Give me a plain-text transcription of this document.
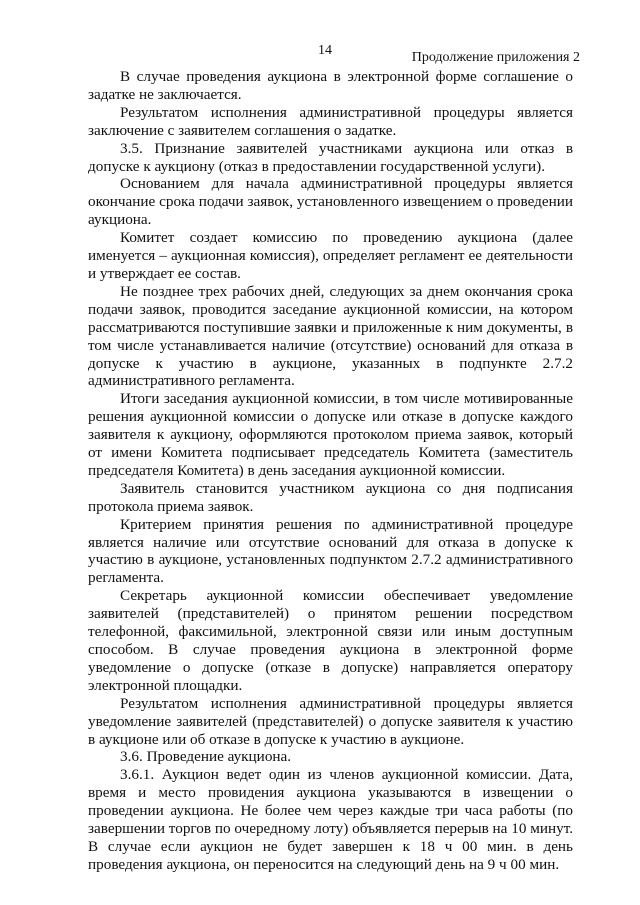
14	Продолжение приложения 2

В случае проведения аукциона в электронной форме соглашение о задатке не заключается.

Результатом исполнения административной процедуры является заключение с заявителем соглашения о задатке.

3.5. Признание заявителей участниками аукциона или отказ в допуске к аукциону (отказ в предоставлении государственной услуги).

Основанием для начала административной процедуры является окончание срока подачи заявок, установленного извещением о проведении аукциона.

Комитет создает комиссию по проведению аукциона (далее именуется – аукционная комиссия), определяет регламент ее деятельности и утверждает ее состав.

Не позднее трех рабочих дней, следующих за днем окончания срока подачи заявок, проводится заседание аукционной комиссии, на котором рассматриваются поступившие заявки и приложенные к ним документы, в том числе устанавливается наличие (отсутствие) оснований для отказа в допуске к участию в аукционе, указанных в подпункте 2.7.2 административного регламента.

Итоги заседания аукционной комиссии, в том числе мотивированные решения аукционной комиссии о допуске или отказе в допуске каждого заявителя к аукциону, оформляются протоколом приема заявок, который от имени Комитета подписывает председатель Комитета (заместитель председателя Комитета) в день заседания аукционной комиссии.

Заявитель становится участником аукциона со дня подписания протокола приема заявок.

Критерием принятия решения по административной процедуре является наличие или отсутствие оснований для отказа в допуске к участию в аукционе, установленных подпунктом 2.7.2 административного регламента.

Секретарь аукционной комиссии обеспечивает уведомление заявителей (представителей) о принятом решении посредством телефонной, факсимильной, электронной связи или иным доступным способом. В случае проведения аукциона в электронной форме уведомление о допуске (отказе в допуске) направляется оператору электронной площадки.

Результатом исполнения административной процедуры является уведомление заявителей (представителей) о допуске заявителя к участию в аукционе или об отказе в допуске к участию в аукционе.

3.6. Проведение аукциона.

3.6.1. Аукцион ведет один из членов аукционной комиссии. Дата, время и место провидения аукциона указываются в извещении о проведении аукциона. Не более чем через каждые три часа работы (по завершении торгов по очередному лоту) объявляется перерыв на 10 минут. В случае если аукцион не будет завершен к 18 ч 00 мин. в день проведения аукциона, он переносится на следующий день на 9 ч 00 мин.
